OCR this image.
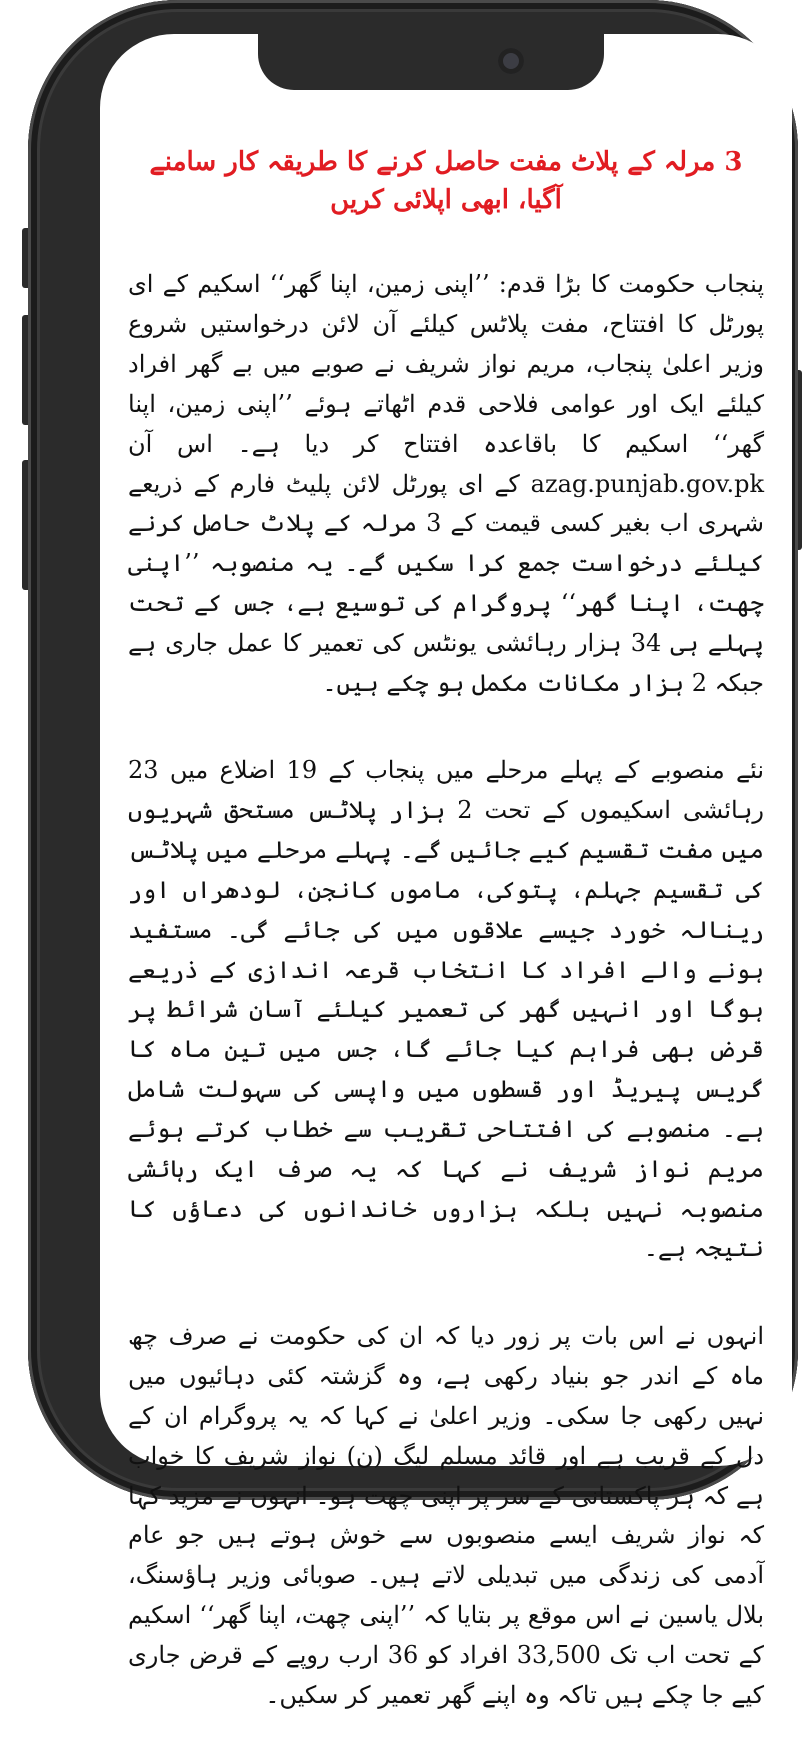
3 مرلہ کے پلاٹ مفت حاصل کرنے کا طریقہ کار سامنے آگیا، ابھی اپلائی کریں

پنجاب حکومت کا بڑا قدم: ’’اپنی زمین، اپنا گھر‘‘ اسکیم کے ای پورٹل کا افتتاح، مفت پلاٹس کیلئے آن لائن درخواستیں شروع وزیر اعلیٰ پنجاب، مریم نواز شریف نے صوبے میں بے گھر افراد کیلئے ایک اور عوامی فلاحی قدم اٹھاتے ہوئے ’’اپنی زمین، اپنا گھر‘‘ اسکیم کا باقاعدہ افتتاح کر دیا ہے۔ اس آن azag.punjab.gov.pk کے ای پورٹل لائن پلیٹ فارم کے ذریعے شہری اب بغیر کسی قیمت کے 3 مرلہ کے پلاٹ حاصل کرنے کیلئے درخواست جمع کرا سکیں گے۔ یہ منصوبہ ’’اپنی چھت، اپنا گھر‘‘ پروگرام کی توسیع ہے، جس کے تحت پہلے ہی 34 ہزار رہائشی یونٹس کی تعمیر کا عمل جاری ہے جبکہ 2 ہزار مکانات مکمل ہو چکے ہیں۔

نئے منصوبے کے پہلے مرحلے میں پنجاب کے 19 اضلاع میں 23 رہائشی اسکیموں کے تحت 2 ہزار پلاٹس مستحق شہریوں میں مفت تقسیم کیے جائیں گے۔ پہلے مرحلے میں پلاٹس کی تقسیم جہلم، پتوکی، ماموں کانجن، لودھراں اور رینالہ خورد جیسے علاقوں میں کی جائے گی۔ مستفید ہونے والے افراد کا انتخاب قرعہ اندازی کے ذریعے ہوگا اور انہیں گھر کی تعمیر کیلئے آسان شرائط پر قرض بھی فراہم کیا جائے گا، جس میں تین ماہ کا گریس پیریڈ اور قسطوں میں واپسی کی سہولت شامل ہے۔ منصوبے کی افتتاحی تقریب سے خطاب کرتے ہوئے مریم نواز شریف نے کہا کہ یہ صرف ایک رہائشی منصوبہ نہیں بلکہ ہزاروں خاندانوں کی دعاؤں کا نتیجہ ہے۔

انہوں نے اس بات پر زور دیا کہ ان کی حکومت نے صرف چھ ماہ کے اندر جو بنیاد رکھی ہے، وہ گزشتہ کئی دہائیوں میں نہیں رکھی جا سکی۔ وزیر اعلیٰ نے کہا کہ یہ پروگرام ان کے دل کے قریب ہے اور قائد مسلم لیگ (ن) نواز شریف کا خواب ہے کہ ہر پاکستانی کے سر پر اپنی چھت ہو۔ انہوں نے مزید کہا کہ نواز شریف ایسے منصوبوں سے خوش ہوتے ہیں جو عام آدمی کی زندگی میں تبدیلی لاتے ہیں۔ صوبائی وزیر ہاؤسنگ، بلال یاسین نے اس موقع پر بتایا کہ ’’اپنی چھت، اپنا گھر‘‘ اسکیم کے تحت اب تک 33,500 افراد کو 36 ارب روپے کے قرض جاری کیے جا چکے ہیں تاکہ وہ اپنے گھر تعمیر کر سکیں۔
